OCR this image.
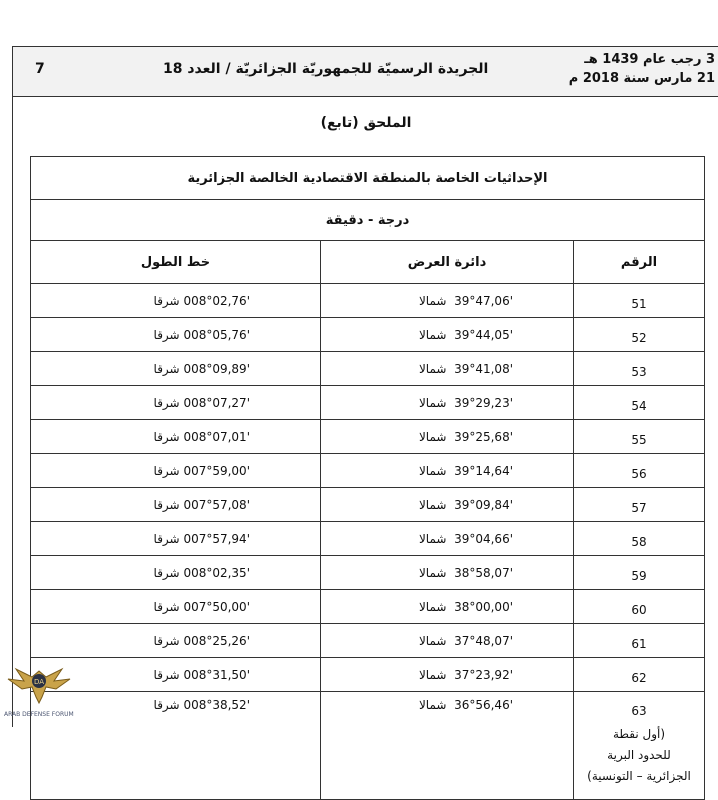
7	الجريدة الرسميّة للجمهوريّة الجزائريّة / العدد 18
3 رجب عام 1439 هـ
21 مارس سنة 2018 م
الملحق (تابع)
الإحداثيات الخاصة بالمنطقة الاقتصادية الخالصة الجزائرية		
درجة - دقيقة		
الرقم	دائرة العرض	خط الطول
51	39°47,06'  شمالا	008°02,76' شرقا
52	39°44,05'  شمالا	008°05,76' شرقا
53	39°41,08'  شمالا	008°09,89' شرقا
54	39°29,23'  شمالا	008°07,27' شرقا
55	39°25,68'  شمالا	008°07,01' شرقا
56	39°14,64'  شمالا	007°59,00' شرقا
57	39°09,84'  شمالا	007°57,08' شرقا
58	39°04,66'  شمالا	007°57,94' شرقا
59	38°58,07'  شمالا	008°02,35' شرقا
60	38°00,00'  شمالا	007°50,00' شرقا
61	37°48,07'  شمالا	008°25,26' شرقا
62	37°23,92'  شمالا	008°31,50' شرقا

63
(أول نقطة
للحدود البرية
الجزائرية – التونسية)	36°56,46'  شمالا	008°38,52' شرقا
DA
ARAB DEFENSE FORUM
